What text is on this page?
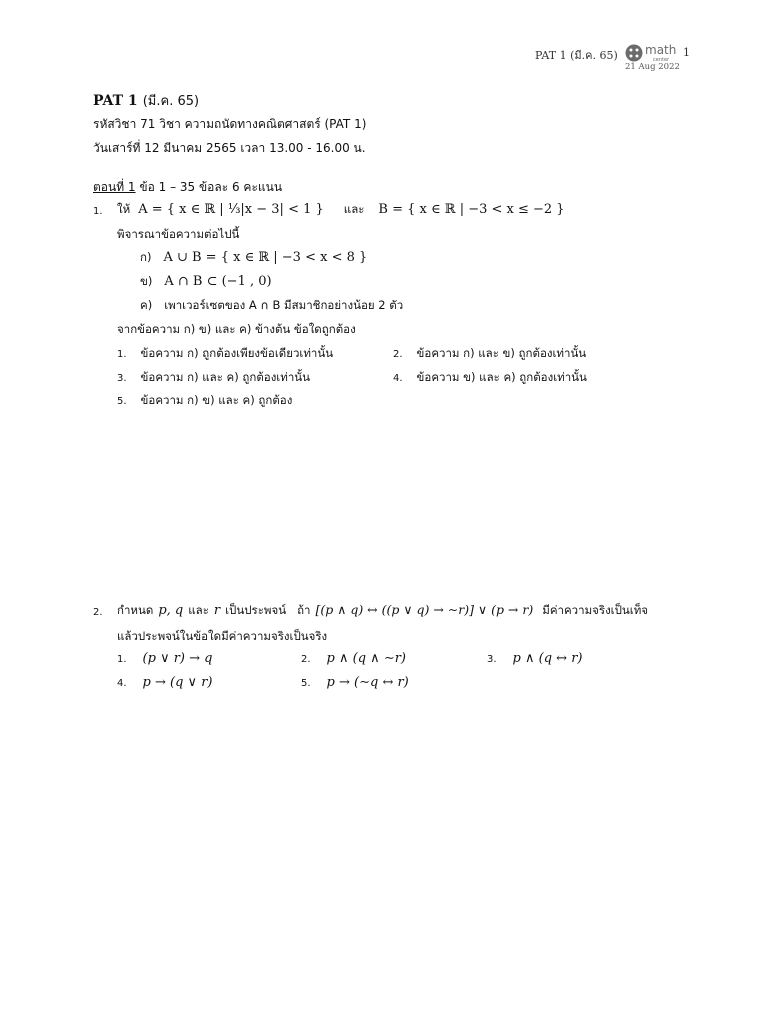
PAT 1 (มี.ค. 65) math
center
1
21 Aug 2022
PAT 1 (มี.ค. 65)
รหัสวิชา 71 วิชา ความถนัดทางคณิตศาสตร์ (PAT 1)
วันเสาร์ที่ 12 มีนาคม 2565 เวลา 13.00 - 16.00 น.
ตอนที่ 1 ข้อ 1 – 35 ข้อละ 6 คะแนน
1. ให้ A = { x ∈ ℝ | ⅓|x − 3| < 1 } และ B = { x ∈ ℝ | −3 < x ≤ −2 }
พิจารณาข้อความต่อไปนี้
ก) A ∪ B = { x ∈ ℝ | −3 < x < 8 }
ข) A ∩ B ⊂ (−1 , 0)
ค) เพาเวอร์เซตของ A ∩ B มีสมาชิกอย่างน้อย 2 ตัว
จากข้อความ ก) ข) และ ค) ข้างต้น ข้อใดถูกต้อง
1. ข้อความ ก) ถูกต้องเพียงข้อเดียวเท่านั้น	2. ข้อความ ก) และ ข) ถูกต้องเท่านั้น
3. ข้อความ ก) และ ค) ถูกต้องเท่านั้น	4. ข้อความ ข) และ ค) ถูกต้องเท่านั้น
5. ข้อความ ก) ข) และ ค) ถูกต้อง
2. กำหนด p, q และ r เป็นประพจน์ ถ้า [(p ∧ q) ↔ ((p ∨ q) → ∼r)] ∨ (p → r) มีค่าความจริงเป็นเท็จ
แล้วประพจน์ในข้อใดมีค่าความจริงเป็นจริง
1. (p ∨ r) → q	2. p ∧ (q ∧ ∼r)	3. p ∧ (q ↔ r)
4. p → (q ∨ r)	5. p → (∼q ↔ r)
